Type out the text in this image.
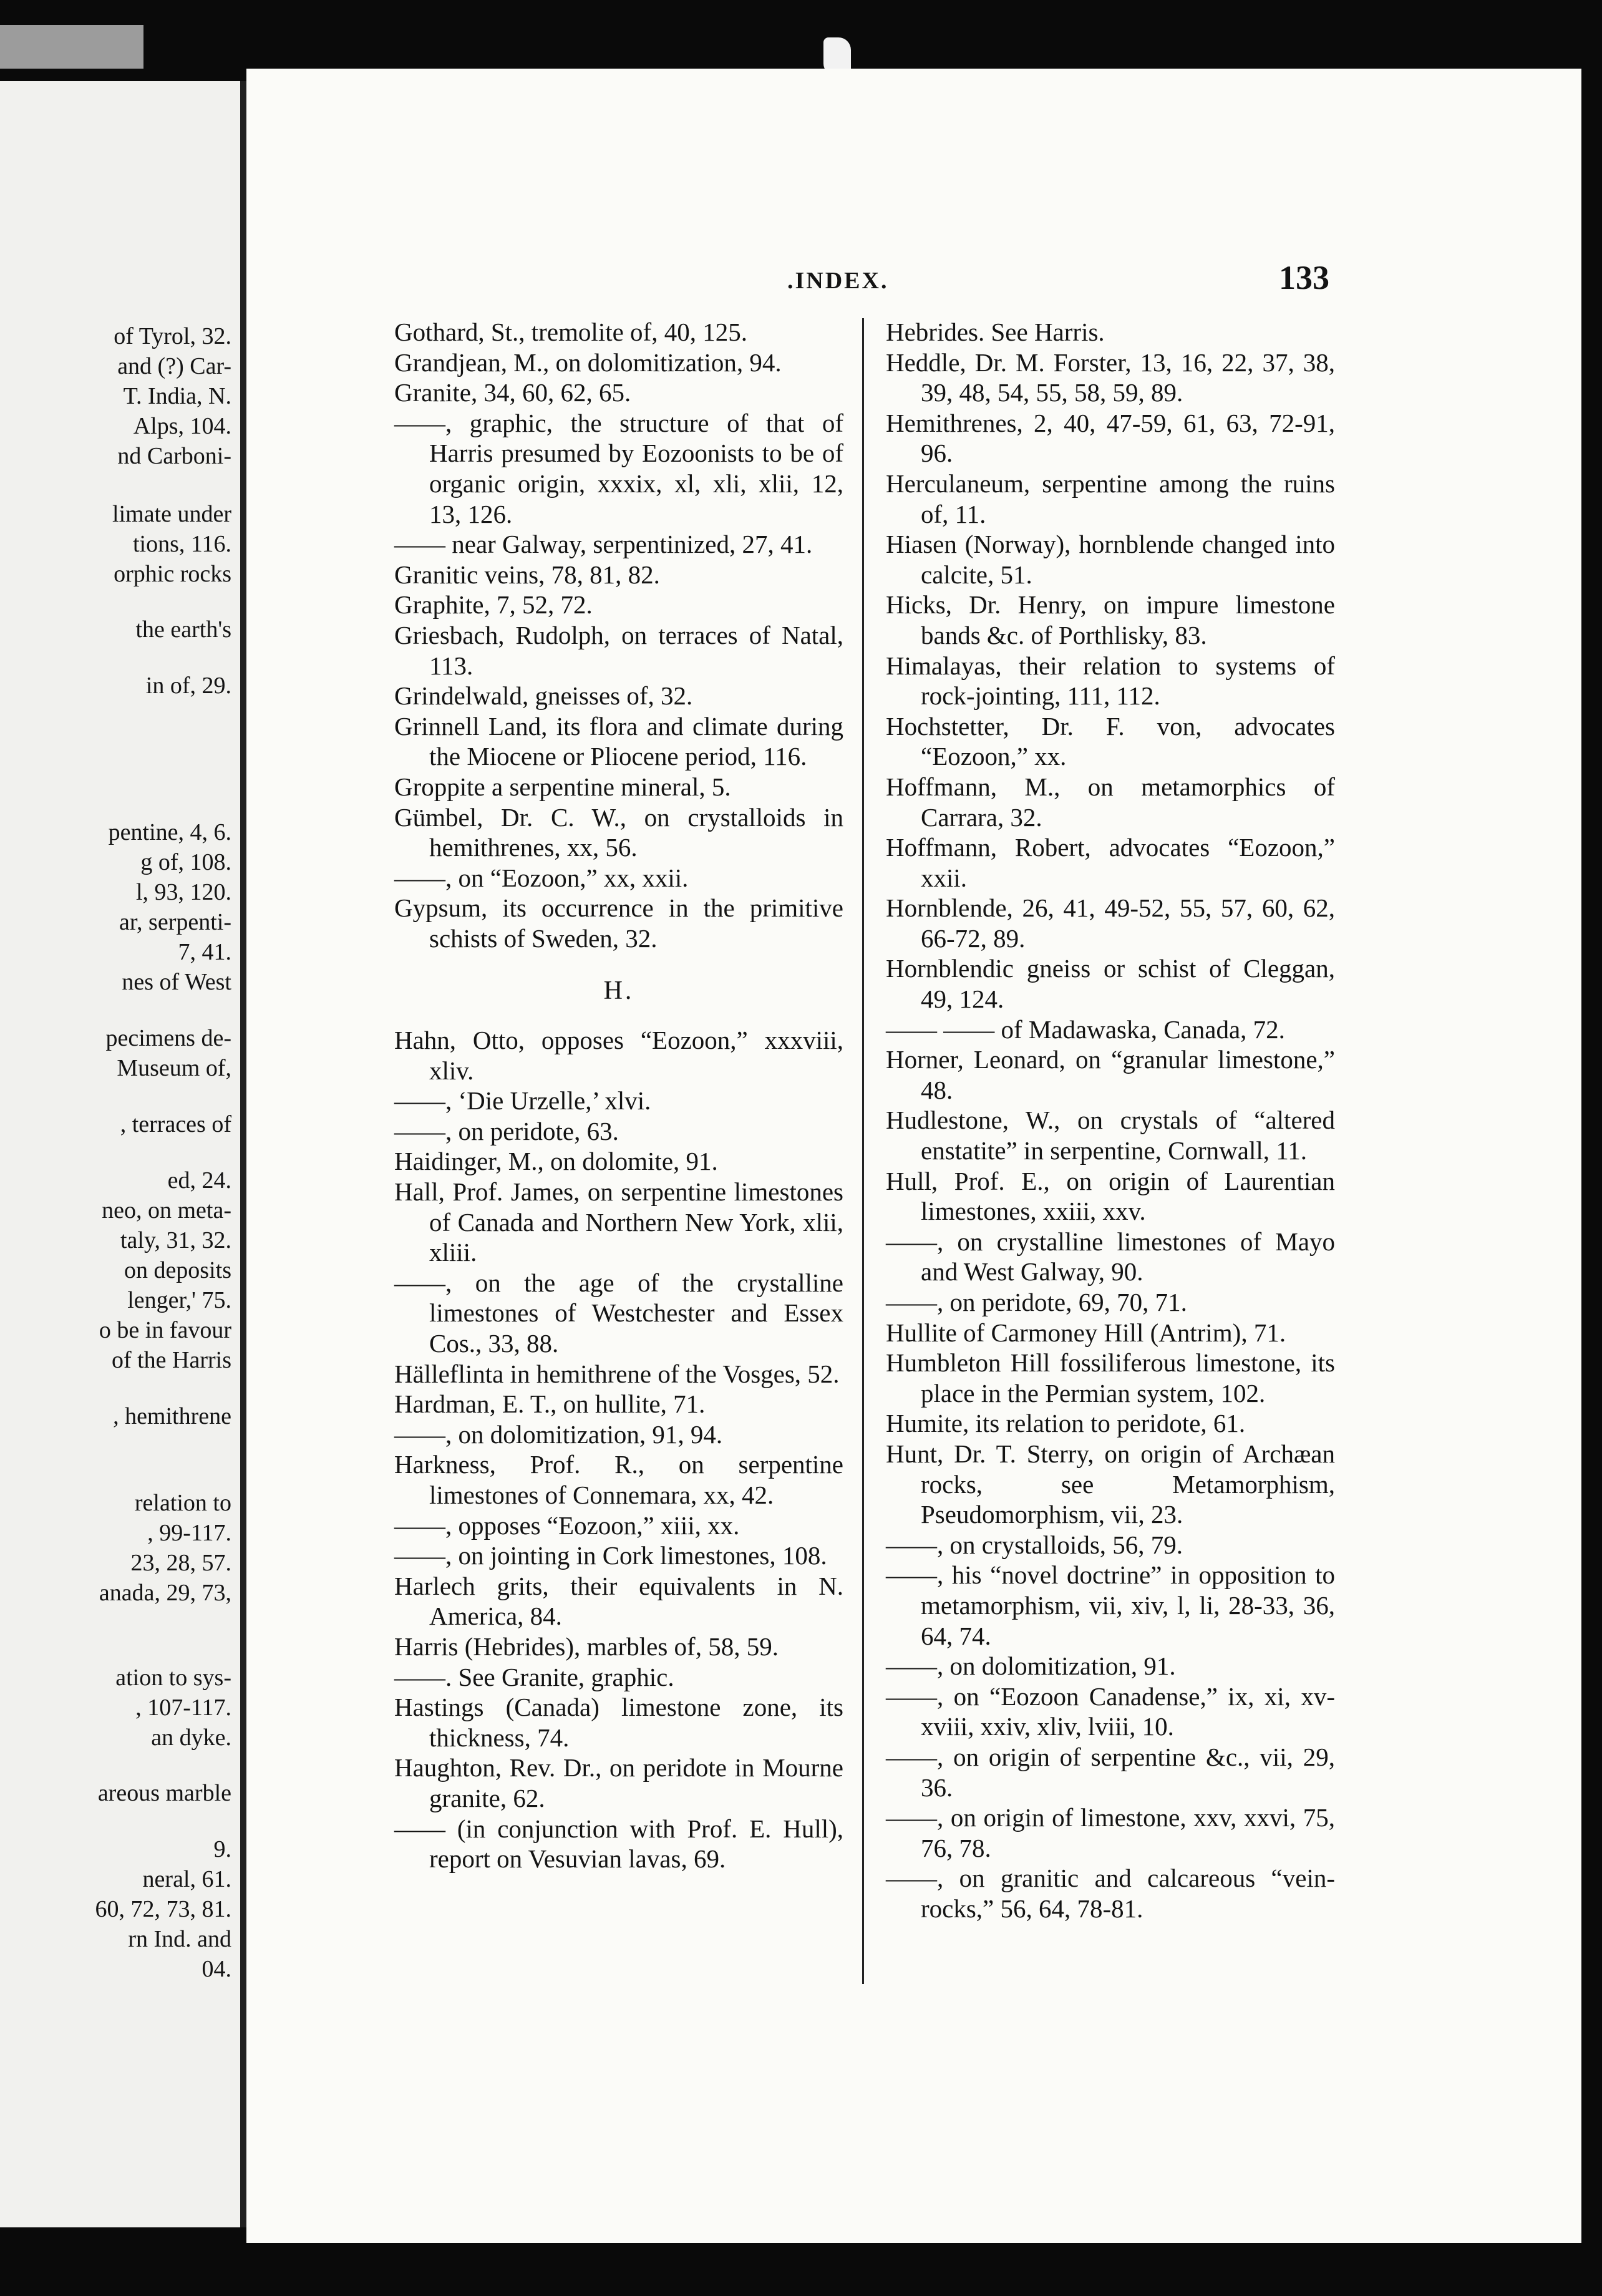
of Tyrol, 32.
and (?) Car-
T. India, N.
Alps, 104.
nd Carboni-
limate under
tions, 116.
orphic rocks
the earth's
in of, 29.
pentine, 4, 6.
g of, 108.
l, 93, 120.
ar, serpenti-
7, 41.
nes of West
pecimens de-
Museum of,
, terraces of
ed, 24.
neo, on meta-
taly, 31, 32.
on deposits
lenger,' 75.
o be in favour
of the Harris
, hemithrene
relation to
, 99-117.
23, 28, 57.
anada, 29, 73,
ation to sys-
, 107-117.
an dyke.
areous marble
9.
neral, 61.
60, 72, 73, 81.
rn Ind. and
04.
.INDEX.	133
Gothard, St., tremolite of, 40, 125.
Grandjean, M., on dolomitization, 94.
Granite, 34, 60, 62, 65.
——, graphic, the structure of that of Harris presumed by Eozoonists to be of organic origin, xxxix, xl, xli, xlii, 12, 13, 126.
—— near Galway, serpentinized, 27, 41.
Granitic veins, 78, 81, 82.
Graphite, 7, 52, 72.
Griesbach, Rudolph, on terraces of Natal, 113.
Grindelwald, gneisses of, 32.
Grinnell Land, its flora and climate during the Miocene or Pliocene period, 116.
Groppite a serpentine mineral, 5.
Gümbel, Dr. C. W., on crystalloids in hemithrenes, xx, 56.
——, on “Eozoon,” xx, xxii.
Gypsum, its occurrence in the primitive schists of Sweden, 32.
H.
Hahn, Otto, opposes “Eozoon,” xxxviii, xliv.
——, ‘Die Urzelle,’ xlvi.
——, on peridote, 63.
Haidinger, M., on dolomite, 91.
Hall, Prof. James, on serpentine limestones of Canada and Northern New York, xlii, xliii.
——, on the age of the crystalline limestones of Westchester and Essex Cos., 33, 88.
Hälleflinta in hemithrene of the Vosges, 52.
Hardman, E. T., on hullite, 71.
——, on dolomitization, 91, 94.
Harkness, Prof. R., on serpentine limestones of Connemara, xx, 42.
——, opposes “Eozoon,” xiii, xx.
——, on jointing in Cork limestones, 108.
Harlech grits, their equivalents in N. America, 84.
Harris (Hebrides), marbles of, 58, 59.
——. See Granite, graphic.
Hastings (Canada) limestone zone, its thickness, 74.
Haughton, Rev. Dr., on peridote in Mourne granite, 62.
—— (in conjunction with Prof. E. Hull), report on Vesuvian lavas, 69.
Hebrides. See Harris.
Heddle, Dr. M. Forster, 13, 16, 22, 37, 38, 39, 48, 54, 55, 58, 59, 89.
Hemithrenes, 2, 40, 47-59, 61, 63, 72-91, 96.
Herculaneum, serpentine among the ruins of, 11.
Hiasen (Norway), hornblende changed into calcite, 51.
Hicks, Dr. Henry, on impure limestone bands &c. of Porthlisky, 83.
Himalayas, their relation to systems of rock-jointing, 111, 112.
Hochstetter, Dr. F. von, advocates “Eozoon,” xx.
Hoffmann, M., on metamorphics of Carrara, 32.
Hoffmann, Robert, advocates “Eozoon,” xxii.
Hornblende, 26, 41, 49-52, 55, 57, 60, 62, 66-72, 89.
Hornblendic gneiss or schist of Cleggan, 49, 124.
—— —— of Madawaska, Canada, 72.
Horner, Leonard, on “granular limestone,” 48.
Hudlestone, W., on crystals of “altered enstatite” in serpentine, Cornwall, 11.
Hull, Prof. E., on origin of Laurentian limestones, xxiii, xxv.
——, on crystalline limestones of Mayo and West Galway, 90.
——, on peridote, 69, 70, 71.
Hullite of Carmoney Hill (Antrim), 71.
Humbleton Hill fossiliferous limestone, its place in the Permian system, 102.
Humite, its relation to peridote, 61.
Hunt, Dr. T. Sterry, on origin of Archæan rocks, see Metamorphism, Pseudomorphism, vii, 23.
——, on crystalloids, 56, 79.
——, his “novel doctrine” in opposition to metamorphism, vii, xiv, l, li, 28-33, 36, 64, 74.
——, on dolomitization, 91.
——, on “Eozoon Canadense,” ix, xi, xv-xviii, xxiv, xliv, lviii, 10.
——, on origin of serpentine &c., vii, 29, 36.
——, on origin of limestone, xxv, xxvi, 75, 76, 78.
——, on granitic and calcareous “vein-rocks,” 56, 64, 78-81.
